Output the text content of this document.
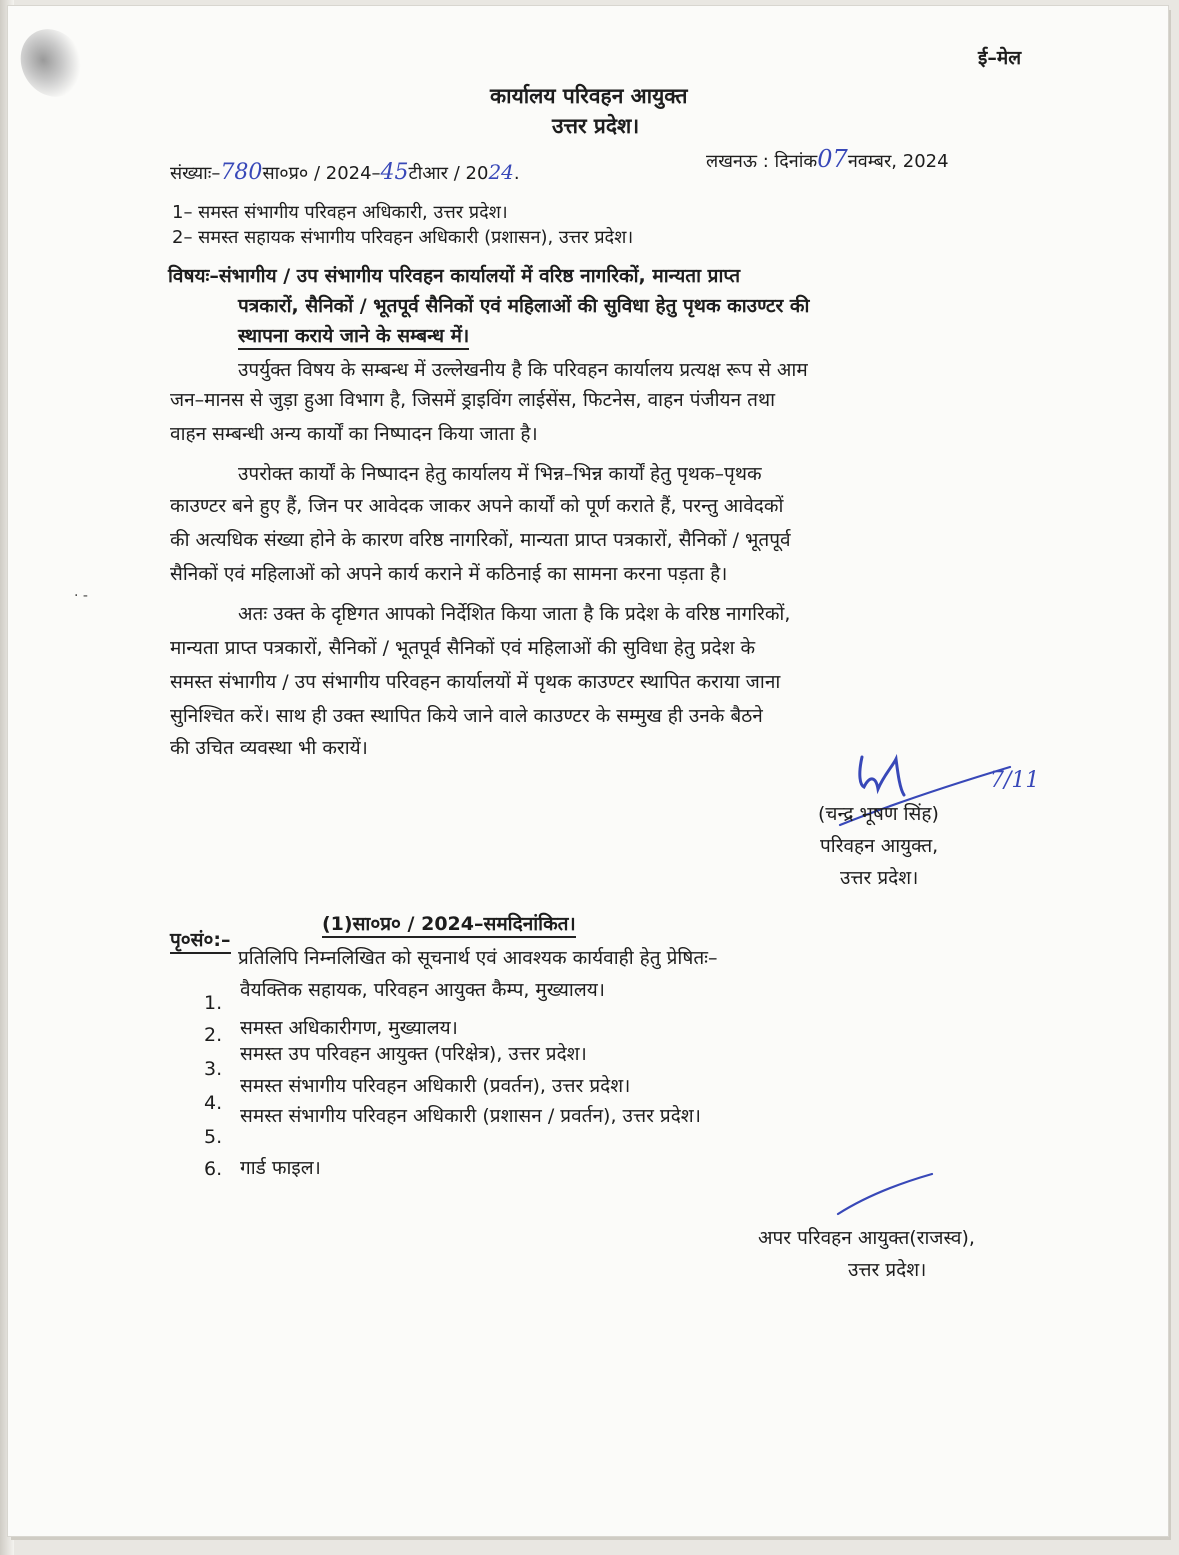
ई–मेल
कार्यालय परिवहन आयुक्त
उत्तर प्रदेश।
संख्याः–780सा०प्र० / 2024–45टीआर / 2024.
लखनऊ : दिनांक07नवम्बर, 2024
1– समस्त संभागीय परिवहन अधिकारी, उत्तर प्रदेश।
2– समस्त सहायक संभागीय परिवहन अधिकारी (प्रशासन), उत्तर प्रदेश।
विषयः–संभागीय / उप संभागीय परिवहन कार्यालयों में वरिष्ठ नागरिकों, मान्यता प्राप्त
पत्रकारों, सैनिकों / भूतपूर्व सैनिकों एवं महिलाओं की सुविधा हेतु पृथक काउण्टर की
स्थापना कराये जाने के सम्बन्ध में।
उपर्युक्त विषय के सम्बन्ध में उल्लेखनीय है कि परिवहन कार्यालय प्रत्यक्ष रूप से आम
जन–मानस से जुड़ा हुआ विभाग है, जिसमें ड्राइविंग लाईसेंस, फिटनेस, वाहन पंजीयन तथा
वाहन सम्बन्धी अन्य कार्यों का निष्पादन किया जाता है।
उपरोक्त कार्यों के निष्पादन हेतु कार्यालय में भिन्न–भिन्न कार्यों हेतु पृथक–पृथक
काउण्टर बने हुए हैं, जिन पर आवेदक जाकर अपने कार्यों को पूर्ण कराते हैं, परन्तु आवेदकों
की अत्यधिक संख्या होने के कारण वरिष्ठ नागरिकों, मान्यता प्राप्त पत्रकारों, सैनिकों / भूतपूर्व
सैनिकों एवं महिलाओं को अपने कार्य कराने में कठिनाई का सामना करना पड़ता है।
अतः उक्त के दृष्टिगत आपको निर्देशित किया जाता है कि प्रदेश के वरिष्ठ नागरिकों,
मान्यता प्राप्त पत्रकारों, सैनिकों / भूतपूर्व सैनिकों एवं महिलाओं की सुविधा हेतु प्रदेश के
समस्त संभागीय / उप संभागीय परिवहन कार्यालयों में पृथक काउण्टर स्थापित कराया जाना
सुनिश्चित करें। साथ ही उक्त स्थापित किये जाने वाले काउण्टर के सम्मुख ही उनके बैठने
की उचित व्यवस्था भी करायें।
7/11
(चन्द्र भूषण सिंह)
परिवहन आयुक्त,
उत्तर प्रदेश।
पृ०सं०:–
(1)सा०प्र० / 2024–समदिनांकित।
प्रतिलिपि निम्नलिखित को सूचनार्थ एवं आवश्यक कार्यवाही हेतु प्रेषितः–
1.
वैयक्तिक सहायक, परिवहन आयुक्त कैम्प, मुख्यालय।
2. समस्त अधिकारीगण, मुख्यालय।
3.
समस्त उप परिवहन आयुक्त (परिक्षेत्र), उत्तर प्रदेश।
4.
समस्त संभागीय परिवहन अधिकारी (प्रवर्तन), उत्तर प्रदेश।
5.
समस्त संभागीय परिवहन अधिकारी (प्रशासन / प्रवर्तन), उत्तर प्रदेश।
6. गार्ड फाइल।
अपर परिवहन आयुक्त(राजस्व),
उत्तर प्रदेश।
· -
